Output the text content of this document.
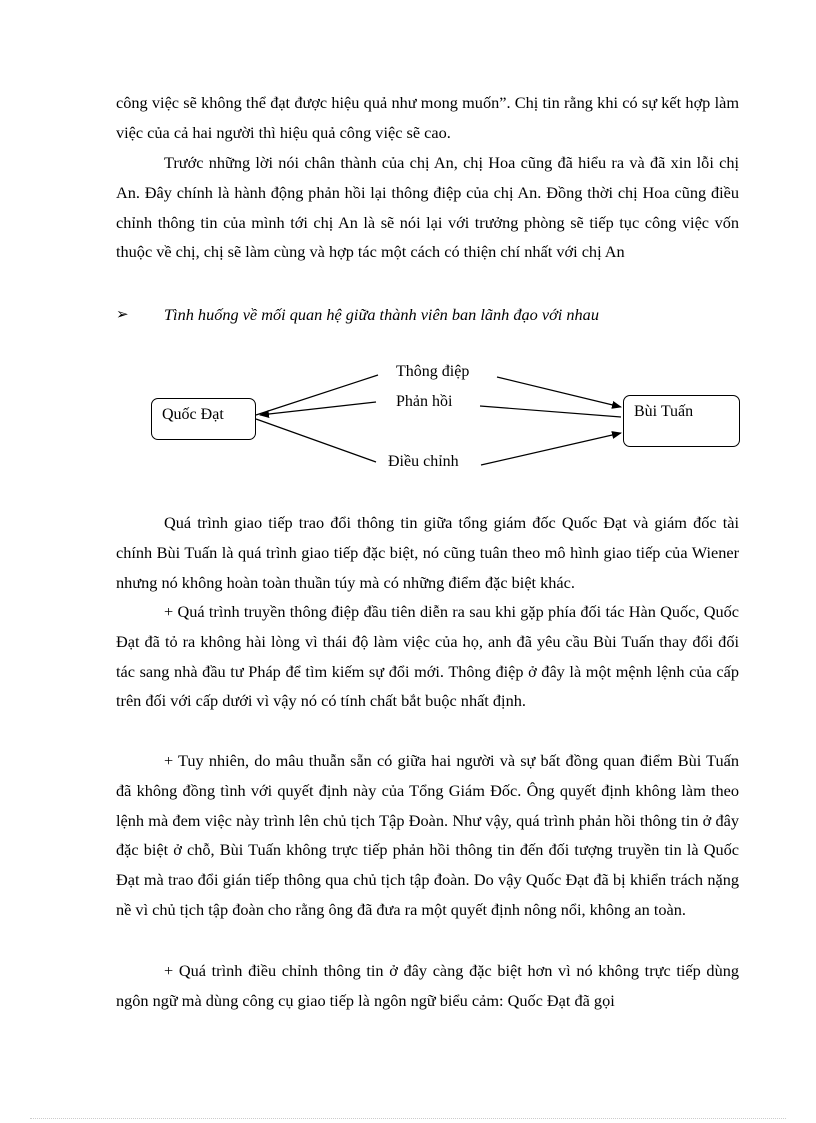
công việc sẽ không thể đạt được hiệu quả như mong muốn”. Chị tin rằng khi có sự kết hợp làm việc của cả hai người thì hiệu quả công việc sẽ cao.

Trước những lời nói chân thành của chị An, chị Hoa cũng đã hiểu ra và đã xin lỗi chị An. Đây chính là hành động phản hồi lại thông điệp của chị An. Đồng thời chị Hoa cũng điều chỉnh thông tin của mình tới chị An là sẽ nói lại với trưởng phòng sẽ tiếp tục công việc vốn thuộc về chị, chị sẽ làm cùng và hợp tác một cách có thiện chí nhất với chị An

➢ Tình huống về mối quan hệ giữa thành viên ban lãnh đạo với nhau
Quốc Đạt	Bùi Tuấn
Thông điệp
Phản hồi
Điều chỉnh

Quá trình giao tiếp trao đổi thông tin giữa tổng giám đốc Quốc Đạt và giám đốc tài chính Bùi Tuấn là quá trình giao tiếp đặc biệt, nó cũng tuân theo mô hình giao tiếp của Wiener nhưng nó không hoàn toàn thuần túy mà có những điểm đặc biệt khác.

+ Quá trình truyền thông điệp đầu tiên diễn ra sau khi gặp phía đối tác Hàn Quốc, Quốc Đạt đã tỏ ra không hài lòng vì thái độ làm việc của họ, anh đã yêu cầu Bùi Tuấn thay đổi đối tác sang nhà đầu tư Pháp để tìm kiếm sự đổi mới. Thông điệp ở đây là một mệnh lệnh của cấp trên đối với cấp dưới vì vậy nó có tính chất bắt buộc nhất định.

+ Tuy nhiên, do mâu thuẫn sẵn có giữa hai người và sự bất đồng quan điểm Bùi Tuấn đã không đồng tình với quyết định này của Tổng Giám Đốc. Ông quyết định không làm theo lệnh mà đem việc này trình lên chủ tịch Tập Đoàn. Như vậy, quá trình phản hồi thông tin ở đây đặc biệt ở chỗ, Bùi Tuấn không trực tiếp phản hồi thông tin đến đối tượng truyền tin là Quốc Đạt mà trao đổi gián tiếp thông qua chủ tịch tập đoàn. Do vậy Quốc Đạt đã bị khiển trách nặng nề vì chủ tịch tập đoàn cho rằng ông đã đưa ra một quyết định nông nổi, không an toàn.

+ Quá trình điều chỉnh thông tin ở đây càng đặc biệt hơn vì nó không trực tiếp dùng ngôn ngữ mà dùng công cụ giao tiếp là ngôn ngữ biểu cảm: Quốc Đạt đã gọi
